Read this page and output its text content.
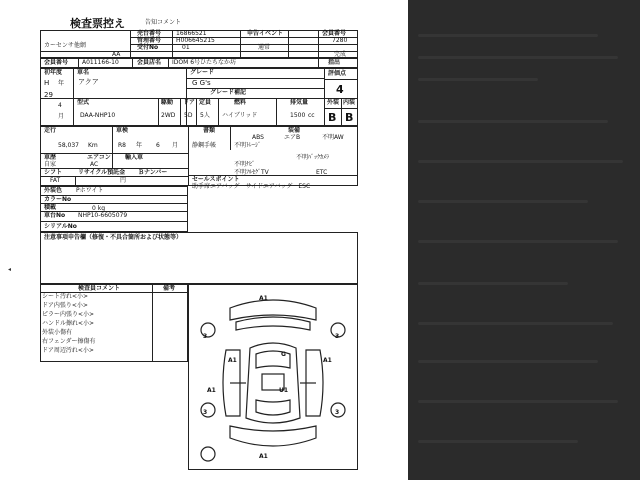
検査票控え	告知コメント
売台番号 16866521
管理番号 H006645215
受付No	01
申告イベント
通常
会員番号
7280
完成
カーセンサ他網
AA
会員番号 A011166-10	会員店名 IDOM 6号ひたちなか坊	指出
初年度
H 年
29
4
月
車名
アクア
グレード
G G's
グレード補記
評価点
4
型式
DAA-NHP10
駆動
2WD
ドア
5D
定員
5人
燃料
ハイブリッド
排気量
1500 cc
外装
B
内装
B
走行
58,037 Km
車検
R8 年 6 月
書類
静鋼手帳
装備
ABS	エアB	不明AW
不明ﾄﾚｰｼﾞ
不明ﾊﾞｯｸｶﾒﾗ
不明ﾅﾋﾞ
不明ﾌﾙｾｸﾞTV	ETC
車歴
自家
エアコン
AC
輸入車
シフト
FAT
リサイクル預託金
円
Ｂナンバー
セールスポイント
助手席エアバッグ　サイドエアバッグ　ESC
外装色 Pホワイト
カラーNo
積載	0 kg
車台No NHP10-6605079
シリアルNo
注意事項申告欄（修復・不具合箇所および状態等）
検査員コメント	備考
シート汚れ<小>
ドア内張り<小>
ピラー内張り<小>
ハンドル擦れ<小>
外装小傷有
右フェンダー擦傷有
ドア周辺汚れ<小>
A1
A1
A1	A1
A1
G
U1
3	3
3	3
◂
